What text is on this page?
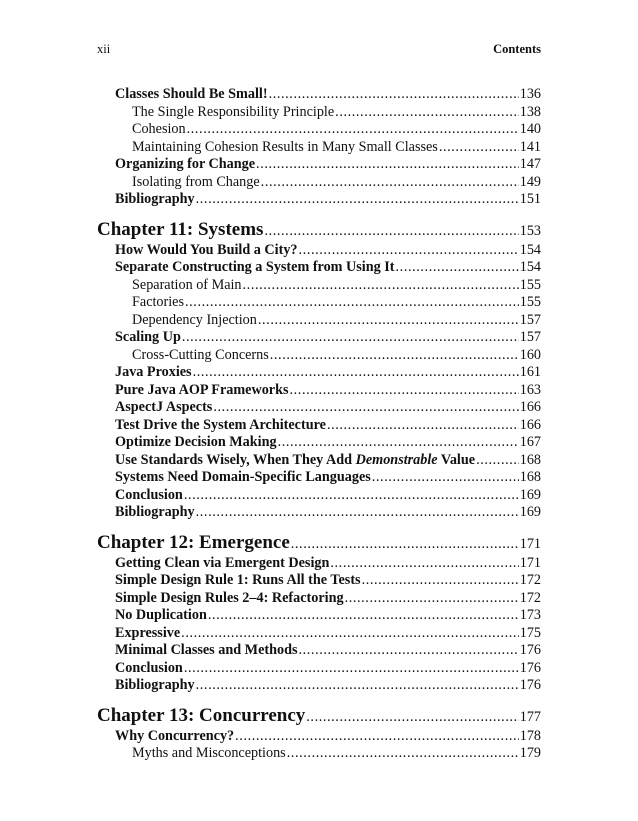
xii	Contents
Classes Should Be Small! .....	136
The Single Responsibility Principle .....	138
Cohesion .....	140
Maintaining Cohesion Results in Many Small Classes .....	141
Organizing for Change .....	147
Isolating from Change .....	149
Bibliography .....	151
Chapter 11: Systems .....	153
How Would You Build a City? .....	154
Separate Constructing a System from Using It .....	154
Separation of Main .....	155
Factories .....	155
Dependency Injection .....	157
Scaling Up .....	157
Cross-Cutting Concerns .....	160
Java Proxies .....	161
Pure Java AOP Frameworks .....	163
AspectJ Aspects .....	166
Test Drive the System Architecture .....	166
Optimize Decision Making .....	167
Use Standards Wisely, When They Add Demonstrable Value .....	168
Systems Need Domain-Specific Languages .....	168
Conclusion .....	169
Bibliography .....	169
Chapter 12: Emergence .....	171
Getting Clean via Emergent Design .....	171
Simple Design Rule 1: Runs All the Tests .....	172
Simple Design Rules 2–4: Refactoring .....	172
No Duplication .....	173
Expressive .....	175
Minimal Classes and Methods .....	176
Conclusion .....	176
Bibliography .....	176
Chapter 13: Concurrency .....	177
Why Concurrency? .....	178
Myths and Misconceptions .....	179
